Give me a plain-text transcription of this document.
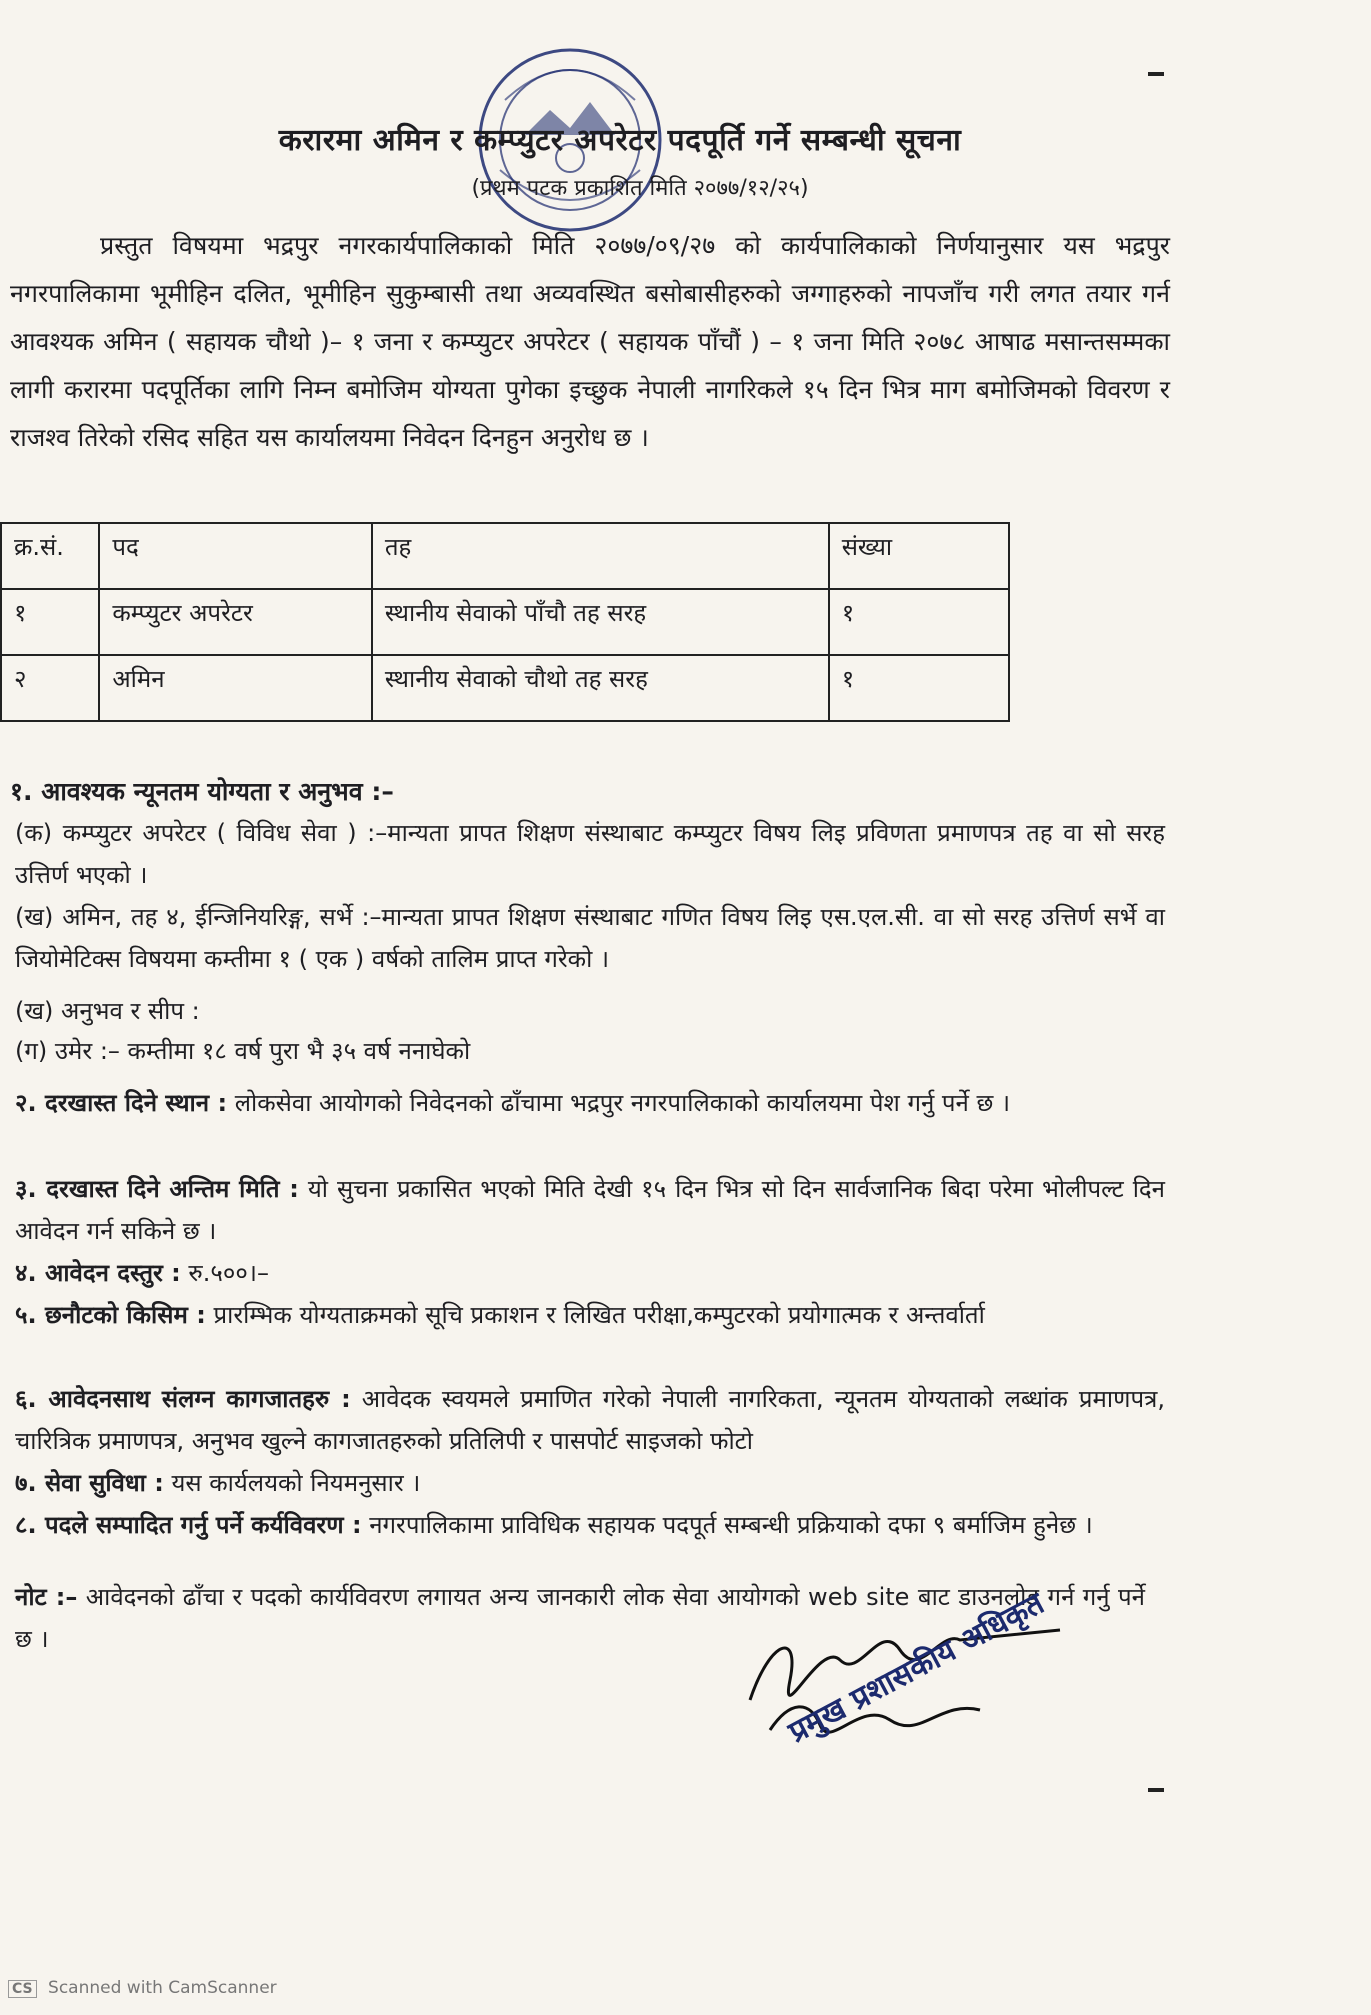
करारमा अमिन र कम्प्युटर अपरेटर पदपूर्ति गर्ने सम्बन्धी सूचना
(प्रथम पटक प्रकाशित मिति २०७७/१२/२५)
प्रस्तुत विषयमा भद्रपुर नगरकार्यपालिकाको मिति २०७७/०९/२७ को कार्यपालिकाको निर्णयानुसार यस भद्रपुर नगरपालिकामा भूमीहिन दलित, भूमीहिन सुकुम्बासी तथा अव्यवस्थित बसोबासीहरुको जग्गाहरुको नापजाँच गरी लगत तयार गर्न आवश्यक अमिन ( सहायक चौथो )– १ जना र कम्प्युटर अपरेटर ( सहायक पाँचौं ) – १ जना मिति २०७८ आषाढ मसान्तसम्मका लागी करारमा पदपूर्तिका लागि निम्न बमोजिम योग्यता पुगेका इच्छुक नेपाली नागरिकले १५ दिन भित्र माग बमोजिमको विवरण र राजश्व तिरेको रसिद सहित यस कार्यालयमा निवेदन दिनहुन अनुरोध छ ।
क्र.सं.	पद	तह	संख्या
१	कम्प्युटर अपरेटर	स्थानीय सेवाको पाँचौ तह सरह	१
२	अमिन	स्थानीय सेवाको चौथो तह सरह	१
१. आवश्यक न्यूनतम योग्यता र अनुभव :–
(क) कम्प्युटर अपरेटर ( विविध सेवा ) :–मान्यता प्रापत शिक्षण संस्थाबाट कम्प्युटर विषय लिइ प्रविणता प्रमाणपत्र तह वा सो सरह उत्तिर्ण भएको ।
(ख) अमिन, तह ४, ईन्जिनियरिङ्ग, सर्भे :–मान्यता प्रापत शिक्षण संस्थाबाट गणित विषय लिइ एस.एल.सी. वा सो सरह उत्तिर्ण सर्भे वा जियोमेटिक्स विषयमा कम्तीमा १ ( एक ) वर्षको तालिम प्राप्त गरेको ।
(ख) अनुभव र सीप :
(ग) उमेर :– कम्तीमा १८ वर्ष पुरा भै ३५ वर्ष ननाघेको
२. दरखास्त दिने स्थान : लोकसेवा आयोगको निवेदनको ढाँचामा भद्रपुर नगरपालिकाको कार्यालयमा पेश गर्नु पर्ने छ ।
३. दरखास्त दिने अन्तिम मिति : यो सुचना प्रकासित भएको मिति देखी १५ दिन भित्र सो दिन सार्वजानिक बिदा परेमा भोलीपल्ट दिन आवेदन गर्न सकिने छ ।
४. आवेदन दस्तुर : रु.५००।–
५. छनौटको किसिम : प्रारम्भिक योग्यताक्रमको सूचि प्रकाशन र लिखित परीक्षा,कम्पुटरको प्रयोगात्मक र अन्तर्वार्ता
६. आवेदनसाथ संलग्न कागजातहरु : आवेदक स्वयमले प्रमाणित गरेको नेपाली नागरिकता, न्यूनतम योग्यताको लब्धांक प्रमाणपत्र, चारित्रिक प्रमाणपत्र, अनुभव खुल्ने कागजातहरुको प्रतिलिपी र पासपोर्ट साइजको फोटो
७. सेवा सुविधा : यस कार्यलयको नियमनुसार ।
८. पदले सम्पादित गर्नु पर्ने कर्यविवरण : नगरपालिकामा प्राविधिक सहायक पदपूर्त सम्बन्धी प्रक्रियाको दफा ९ बर्माजिम हुनेछ ।
नोट :– आवेदनको ढाँचा र पदको कार्यविवरण लगायत अन्य जानकारी लोक सेवा आयोगको web site बाट डाउनलोड गर्न गर्नु पर्ने छ ।	प्रमुख प्रशासकीय अधिकृत
CS Scanned with CamScanner
